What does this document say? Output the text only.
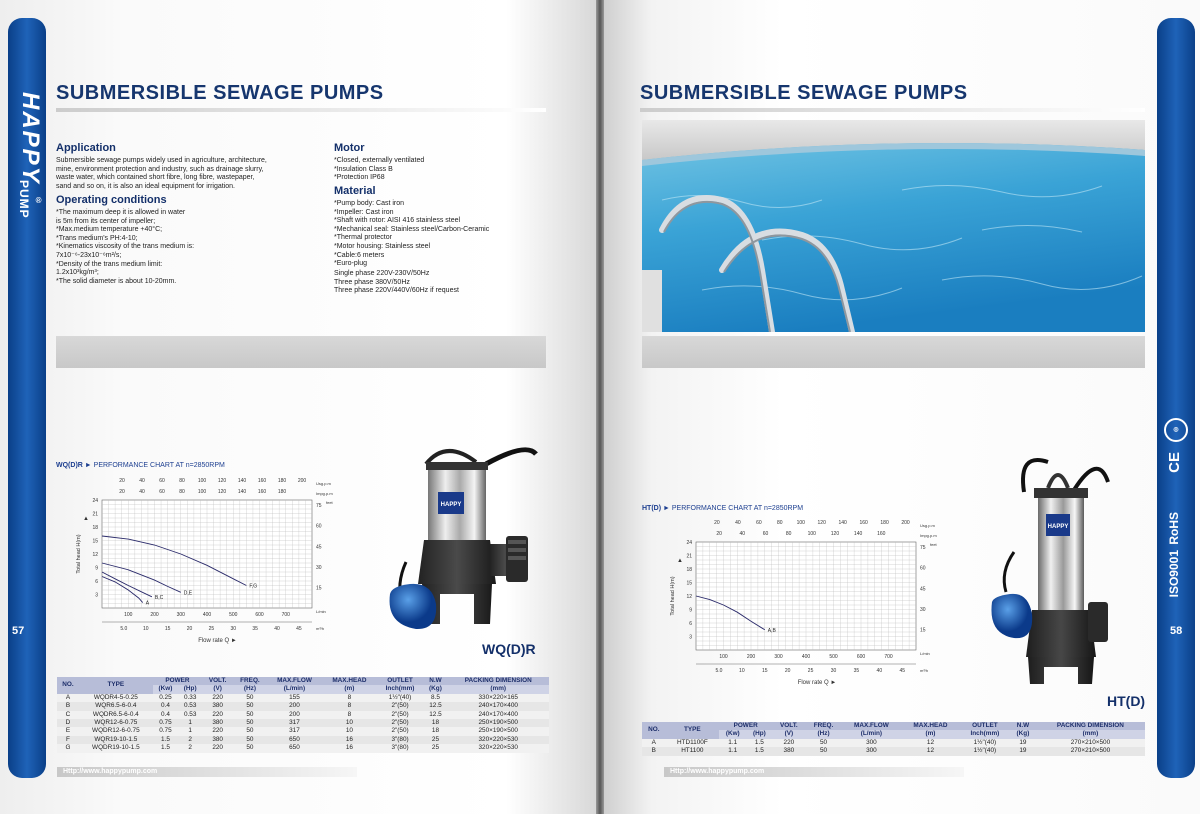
HAPPY
PUMP ®
57
SUBMERSIBLE SEWAGE PUMPS
Application
Submersible sewage pumps widely used in agriculture, architecture,
mine, environment protection and industry, such as drainage slurry,
waste water, which contained short fibre, long fibre, wastepaper,
sand and so on, it is also an ideal equipment for irrigation.
Operating conditions
*The maximum deep it is allowed in water
is 5m from its center of impeller;
*Max.medium temperature +40°C;
*Trans medium's PH:4-10;
*Kinematics viscosity of the trans medium is:
7x10⁻⁶-23x10⁻⁶m²/s;
*Density of the trans medium limit:
1.2x10³kg/m³;
*The solid diameter is about 10-20mm.
Motor
*Closed, externally ventilated
*Insulation Class B
*Protection IP68
Material
*Pump body: Cast iron
*Impeller: Cast iron
*Shaft with rotor: AISI 416 stainless steel
*Mechanical seal: Stainless steel/Carbon-Ceramic
*Thermal protector
*Motor housing: Stainless steel
*Cable:6 meters
*Euro-plug
Single phase 220V-230V/50Hz
Three phase 380V/50Hz
Three phase 220V/440V/60Hz if request
WQ(D)R ► PERFORMANCE CHART AT n=2850RPM
20	40	60	80	100 120 140 160 180 200
20	40	60	80	100 120 140 160 180
Usg.p.m
Impg.p.m
3
6
9
12
15
18
21
24
15
30
45
60
75
feet
Total head H(m)
▲
100	200	300	400	500	600	700
L/min
5.0	10	15	20	25	30	35	40	45	m³/h
Flow rate Q ►
F,G
D,E
B,C
A
HAPPY
WQ(D)R
NO.	TYPE	POWER		VOLT.	FREQ.	MAX.FLOW	MAX.HEAD	OUTLET	N.W	PACKING DIMENSION
		(Kw)	(Hp)	(V)	(Hz)	(L/min)	(m)	Inch(mm)	(Kg)	(mm)
A	WQDR4-5-0.25	0.25	0.33	220	50	155	8	1½"(40)	8.5	330×220×165
B	WQR6.5-6-0.4	0.4	0.53	380	50	200	8	2"(50)	12.5	240×170×400
C	WQDR6.5-6-0.4	0.4	0.53	220	50	200	8	2"(50)	12.5	240×170×400
D	WQR12-6-0.75	0.75	1	380	50	317	10	2"(50)	18	250×190×500
E	WQDR12-6-0.75	0.75	1	220	50	317	10	2"(50)	18	250×190×500
F	WQR19-10-1.5	1.5	2	380	50	650	16	3"(80)	25	320×220×530
G	WQDR19-10-1.5	1.5	2	220	50	650	16	3"(80)	25	320×220×530
Http://www.happypump.com
SUBMERSIBLE SEWAGE PUMPS
HT(D) ► PERFORMANCE CHART AT n=2850RPM
20	40	60	80	100	120	140	160	180	200
20	40	60	80	100	120	140	160
Usg.p.m
Impg.p.m
3
6
9
12
15
18
21
24
15
30
45
60
75
feet
Total head H(m)
▲
100	200	300	400	500	600	700
L/min
5.0	10	15	20	25	30	35	40	45	m³/h
Flow rate Q ►
A,B
HAPPY
HT(D)
58
◎
CE
RoHS
ISO9001
NO.	TYPE	POWER		VOLT.	FREQ.	MAX.FLOW	MAX.HEAD	OUTLET	N.W	PACKING DIMENSION
		(Kw)	(Hp)	(V)	(Hz)	(L/min)	(m)	Inch(mm)	(Kg)	(mm)
A	HTD1100F	1.1	1.5	220	50	300	12	1½"(40)	19	270×210×500
B	HT1100	1.1	1.5	380	50	300	12	1½"(40)	19	270×210×500
Http://www.happypump.com
